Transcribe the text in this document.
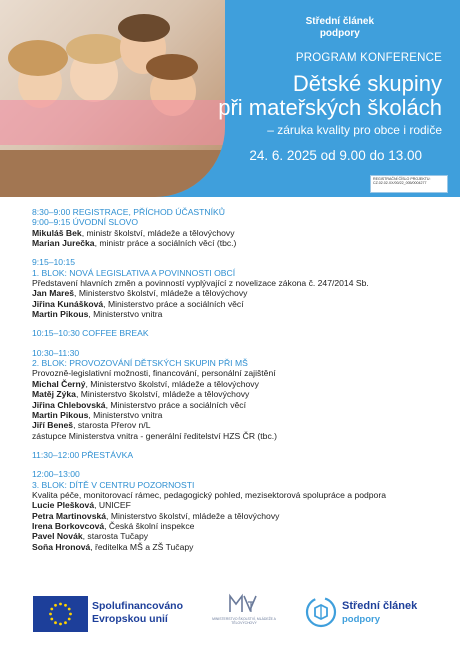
Střední článek
podpory
PROGRAM KONFERENCE
Dětské skupiny
při mateřských školách
– záruka kvality pro obce i rodiče
24. 6. 2025 od 9.00 do 13.00
REGISTRAČNÍ ČÍSLO PROJEKTU:
CZ.02.02.XX/00/22_005/0004277

8:30–9:00 REGISTRACE, PŘÍCHOD ÚČASTNÍKŮ

9:00–9:15 ÚVODNÍ SLOVO

Mikuláš Bek, ministr školství, mládeže a tělovýchovy

Marian Jurečka, ministr práce a sociálních věcí (tbc.)

9:15–10:15

1. BLOK: NOVÁ LEGISLATIVA A POVINNOSTI OBCÍ

Představení hlavních změn a povinností vyplývající z novelizace zákona č. 247/2014 Sb.

Jan Mareš, Ministerstvo školství, mládeže a tělovýchovy

Jiřina Kunášková, Ministerstvo práce a sociálních věcí

Martin Pikous, Ministerstvo vnitra

10:15–10:30 COFFEE BREAK

10:30–11:30

2. BLOK: PROVOZOVÁNÍ DĚTSKÝCH SKUPIN PŘI MŠ

Provozně-legislativní možnosti, financování, personální zajištění

Michal Černý, Ministerstvo školství, mládeže a tělovýchovy

Matěj Zýka, Ministerstvo školství, mládeže a tělovýchovy

Jiřina Chlebovská, Ministerstvo práce a sociálních věcí

Martin Pikous, Ministerstvo vnitra

Jiří Beneš, starosta Přerov n/L

zástupce Ministerstva vnitra - generální ředitelství HZS ČR (tbc.)

11:30–12:00 PŘESTÁVKA

12:00–13:00

3. BLOK: DÍTĚ V CENTRU POZORNOSTI

Kvalita péče, monitorovací rámec, pedagogický pohled, mezisektorová spolupráce a podpora

Lucie Plešková, UNICEF

Petra Martinovská, Ministerstvo školství, mládeže a tělovýchovy

Irena Borkovcová, Česká školní inspekce

Pavel Novák, starosta Tučapy

Soňa Hronová, ředitelka MŠ a ZŠ Tučapy

Spolufinancováno
Evropskou unií	MINISTERSTVO ŠKOLSTVÍ, MLÁDEŽE A TĚLOVÝCHOVY
Střední článek
podpory
